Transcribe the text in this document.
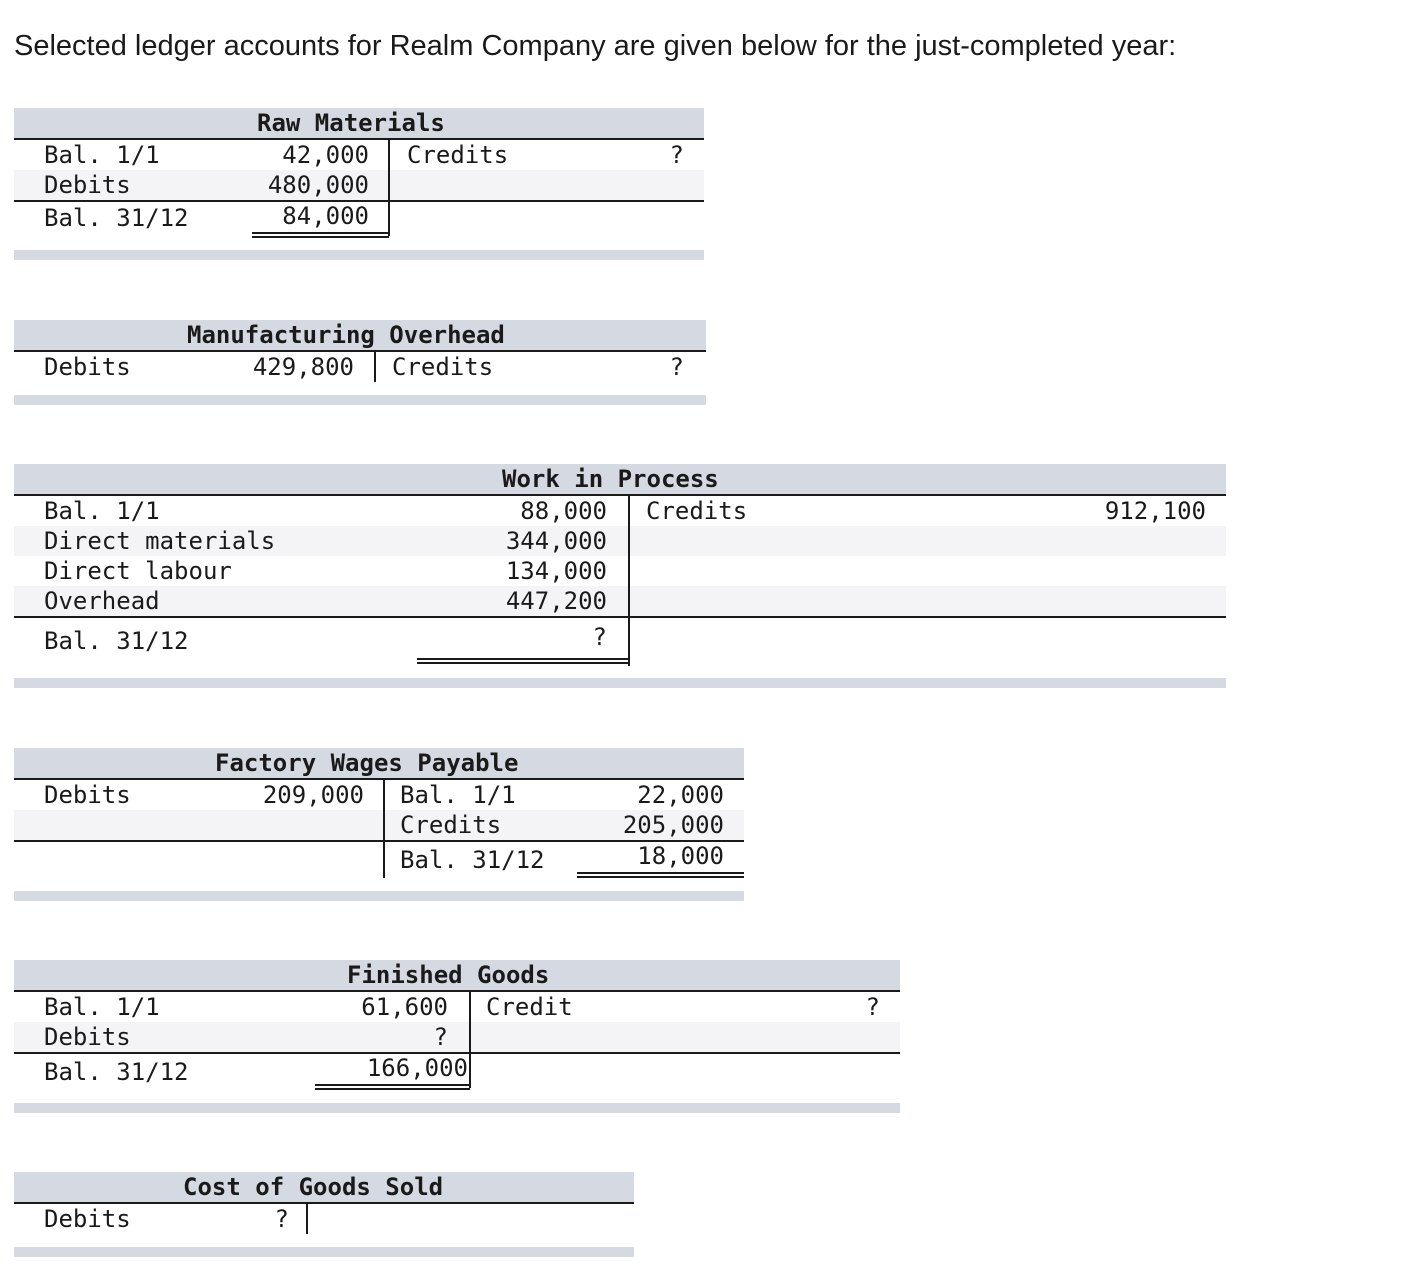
Selected ledger accounts for Realm Company are given below for the just-completed year:
Raw Materials
Bal. 1/1	42,000
Debits	480,000
Bal. 31/12	84,000
Credits	?
Manufacturing Overhead
Debits	429,800 Credits	?
Work in Process
Bal. 1/1	88,000
Direct materials	344,000
Direct labour	134,000
Overhead	447,200
Bal. 31/12	?
Credits	912,100
Factory Wages Payable
Debits	209,000 Bal. 1/1	22,000
Credits	205,000
Bal. 31/12	18,000
Finished Goods
Bal. 1/1	61,600
Debits	?
Bal. 31/12	166,000
Credit	?
Cost of Goods Sold
Debits	?
